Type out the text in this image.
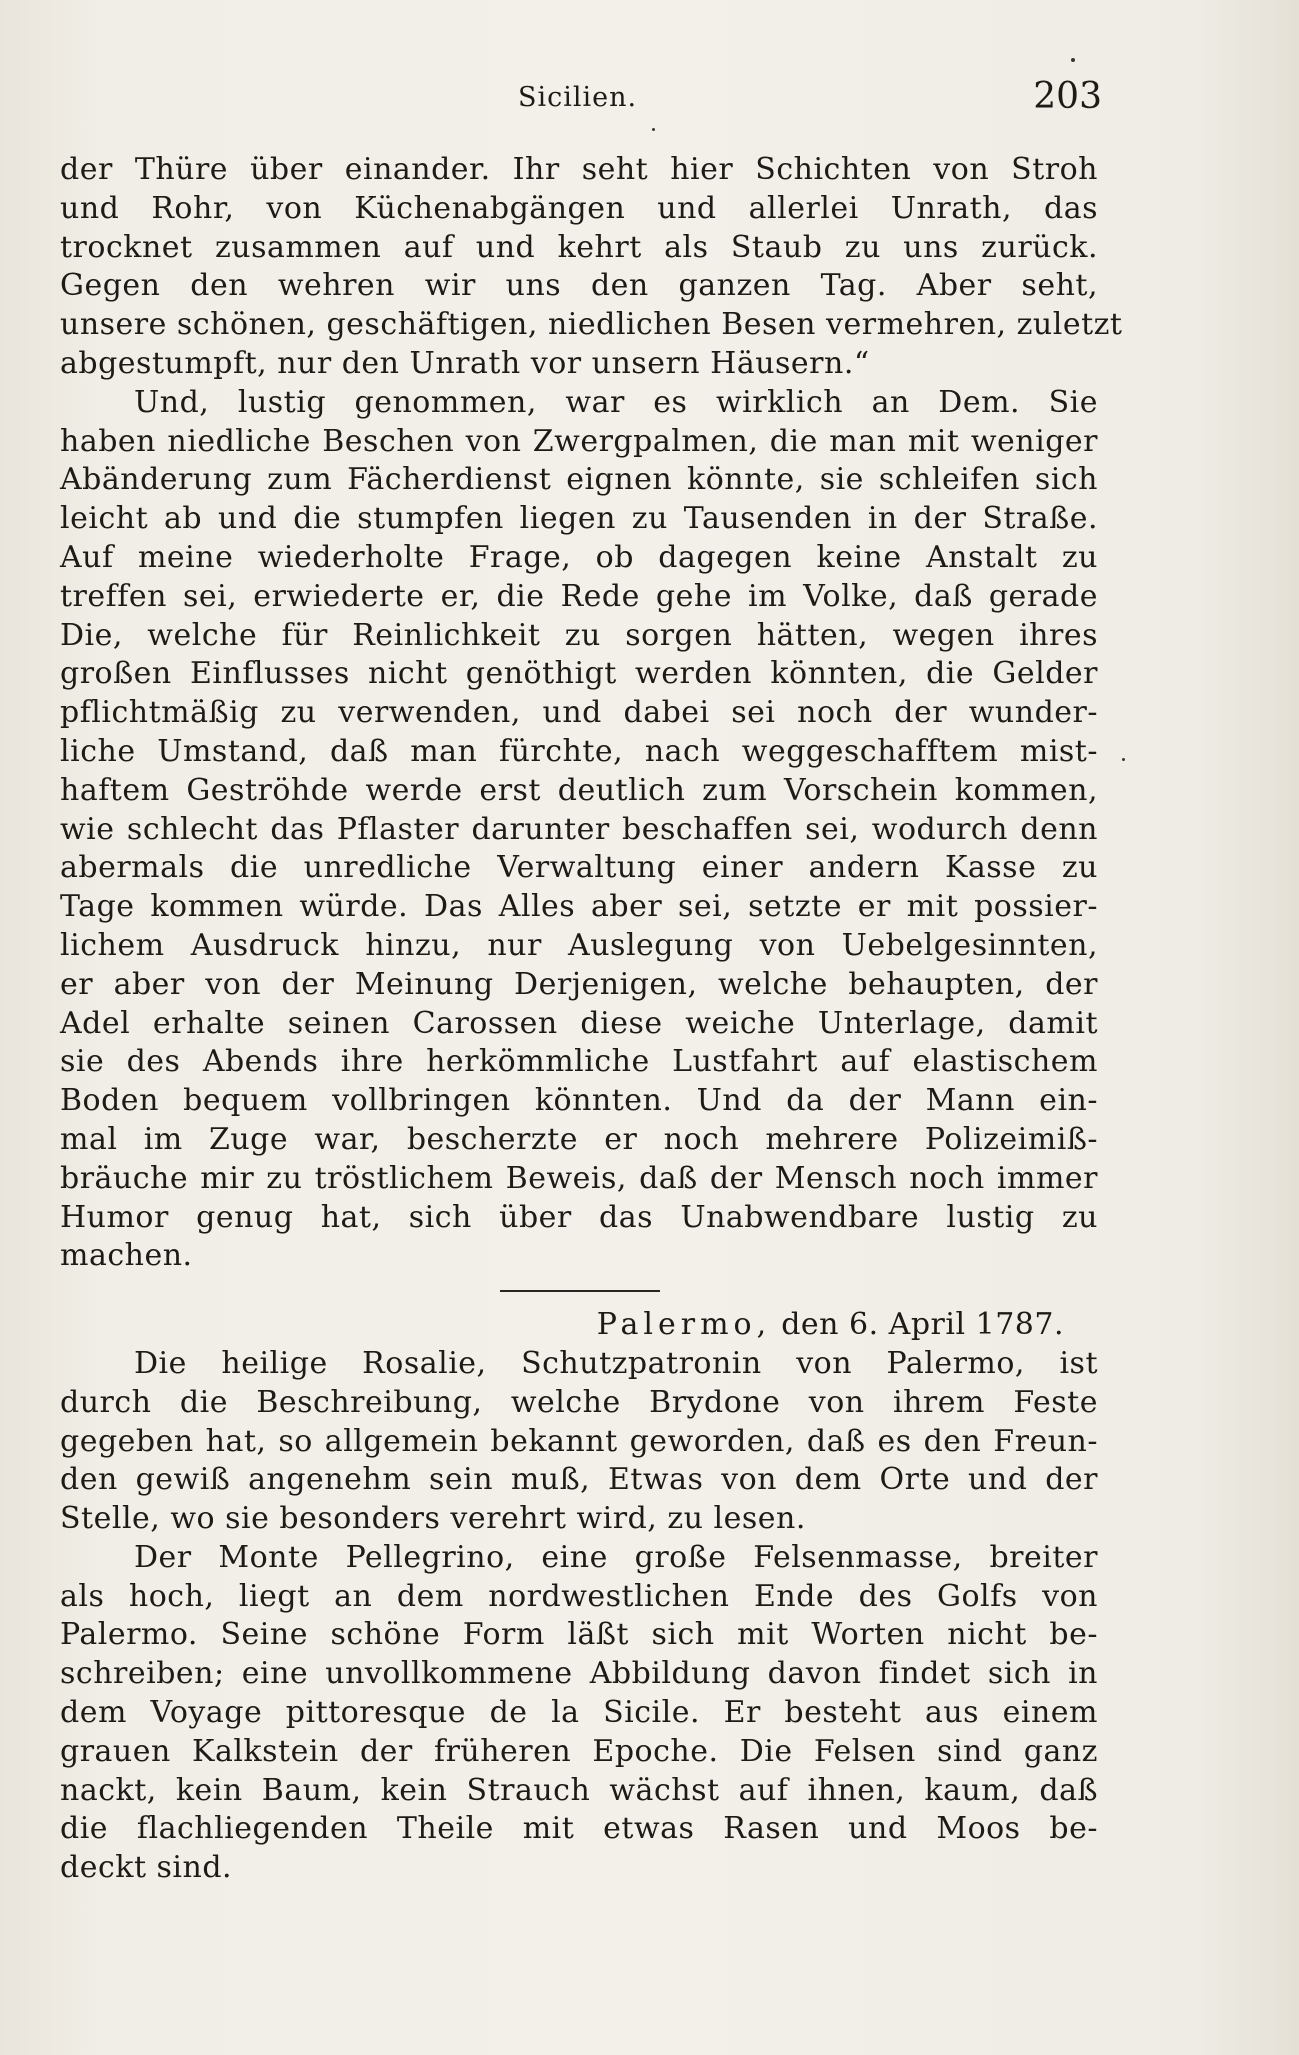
Sicilien.	203
der Thüre über einander. Ihr seht hier Schichten von Stroh
und Rohr, von Küchenabgängen und allerlei Unrath, das
trocknet zusammen auf und kehrt als Staub zu uns zurück.
Gegen den wehren wir uns den ganzen Tag. Aber seht,
unsere schönen, geschäftigen, niedlichen Besen vermehren, zuletzt
abgestumpft, nur den Unrath vor unsern Häusern.“
Und, lustig genommen, war es wirklich an Dem. Sie
haben niedliche Beschen von Zwergpalmen, die man mit weniger
Abänderung zum Fächerdienst eignen könnte, sie schleifen sich
leicht ab und die stumpfen liegen zu Tausenden in der Straße.
Auf meine wiederholte Frage, ob dagegen keine Anstalt zu
treffen sei, erwiederte er, die Rede gehe im Volke, daß gerade
Die, welche für Reinlichkeit zu sorgen hätten, wegen ihres
großen Einflusses nicht genöthigt werden könnten, die Gelder
pflichtmäßig zu verwenden, und dabei sei noch der wunder-
liche Umstand, daß man fürchte, nach weggeschafftem mist-
haftem Geströhde werde erst deutlich zum Vorschein kommen,
wie schlecht das Pflaster darunter beschaffen sei, wodurch denn
abermals die unredliche Verwaltung einer andern Kasse zu
Tage kommen würde. Das Alles aber sei, setzte er mit possier-
lichem Ausdruck hinzu, nur Auslegung von Uebelgesinnten,
er aber von der Meinung Derjenigen, welche behaupten, der
Adel erhalte seinen Carossen diese weiche Unterlage, damit
sie des Abends ihre herkömmliche Lustfahrt auf elastischem
Boden bequem vollbringen könnten. Und da der Mann ein-
mal im Zuge war, bescherzte er noch mehrere Polizeimiß-
bräuche mir zu tröstlichem Beweis, daß der Mensch noch immer
Humor genug hat, sich über das Unabwendbare lustig zu
machen.
Palermo, den 6. April 1787.
Die heilige Rosalie, Schutzpatronin von Palermo, ist
durch die Beschreibung, welche Brydone von ihrem Feste
gegeben hat, so allgemein bekannt geworden, daß es den Freun-
den gewiß angenehm sein muß, Etwas von dem Orte und der
Stelle, wo sie besonders verehrt wird, zu lesen.
Der Monte Pellegrino, eine große Felsenmasse, breiter
als hoch, liegt an dem nordwestlichen Ende des Golfs von
Palermo. Seine schöne Form läßt sich mit Worten nicht be-
schreiben; eine unvollkommene Abbildung davon findet sich in
dem Voyage pittoresque de la Sicile. Er besteht aus einem
grauen Kalkstein der früheren Epoche. Die Felsen sind ganz
nackt, kein Baum, kein Strauch wächst auf ihnen, kaum, daß
die flachliegenden Theile mit etwas Rasen und Moos be-
deckt sind.
